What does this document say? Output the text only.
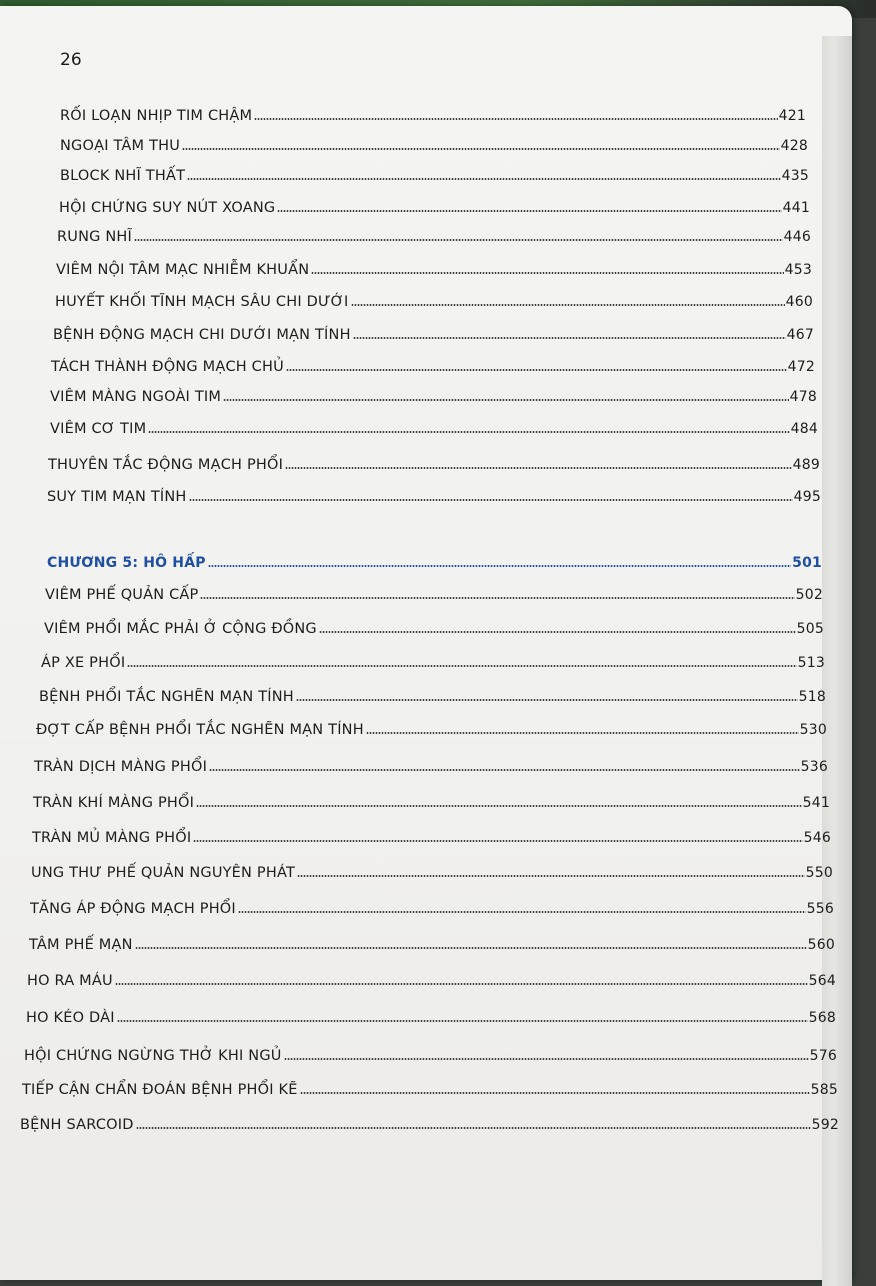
26
RỐI LOẠN NHỊP TIM CHẬM	421
NGOẠI TÂM THU	428
BLOCK NHĨ THẤT	435
HỘI CHỨNG SUY NÚT XOANG	441
RUNG NHĨ	446
VIÊM NỘI TÂM MẠC NHIỄM KHUẨN	453
HUYẾT KHỐI TĨNH MẠCH SÂU CHI DƯỚI	460
BỆNH ĐỘNG MẠCH CHI DƯỚI MẠN TÍNH	467
TÁCH THÀNH ĐỘNG MẠCH CHỦ	472
VIÊM MÀNG NGOÀI TIM	478
VIÊM CƠ TIM	484
THUYÊN TẮC ĐỘNG MẠCH PHỔI	489
SUY TIM MẠN TÍNH	495
CHƯƠNG 5: HÔ HẤP	501
VIÊM PHẾ QUẢN CẤP	502
VIÊM PHỔI MẮC PHẢI Ở CỘNG ĐỒNG	505
ÁP XE PHỔI	513
BỆNH PHỔI TẮC NGHẼN MẠN TÍNH	518
ĐỢT CẤP BỆNH PHỔI TẮC NGHẼN MẠN TÍNH	530
TRÀN DỊCH MÀNG PHỔI	536
TRÀN KHÍ MÀNG PHỔI	541
TRÀN MỦ MÀNG PHỔI	546
UNG THƯ PHẾ QUẢN NGUYÊN PHÁT	550
TĂNG ÁP ĐỘNG MẠCH PHỔI	556
TÂM PHẾ MẠN	560
HO RA MÁU	564
HO KÉO DÀI	568
HỘI CHỨNG NGỪNG THỞ KHI NGỦ	576
TIẾP CẬN CHẨN ĐOÁN BỆNH PHỔI KẼ	585
BỆNH SARCOID	592
